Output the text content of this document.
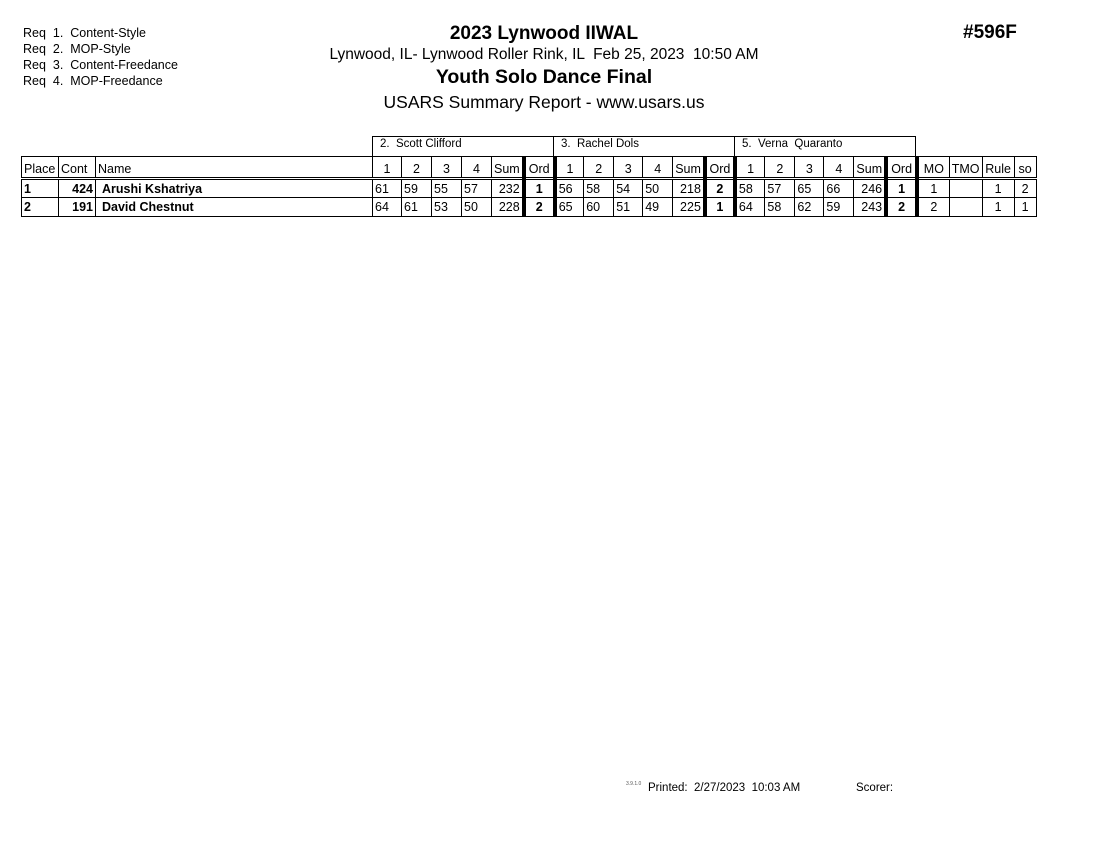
Req  1.  Content-Style
Req  2.  MOP-Style
Req  3.  Content-Freedance
Req  4.  MOP-Freedance
2023 Lynwood IIWAL
Lynwood, IL- Lynwood Roller Rink, IL  Feb 25, 2023  10:50 AM
Youth Solo Dance Final
USARS Summary Report - www.usars.us
#596F
2.  Scott Clifford	3.  Rachel Dols	5.  Verna  Quaranto
Place	Cont	Name	1	2	3	4	Sum	Ord	1	2	3	4	Sum	Ord	1	2	3	4	Sum	Ord	MO	TMO	Rule	so
1	424	Arushi Kshatriya	61	59	55	57	232	1	56	58	54	50	218	2	58	57	65	66	246	1	1		1	2
2	191	David Chestnut	64	61	53	50	228	2	65	60	51	49	225	1	64	58	62	59	243	2	2		1	1
3.9.1.0 Printed:  2/27/2023  10:03 AM	Scorer:
